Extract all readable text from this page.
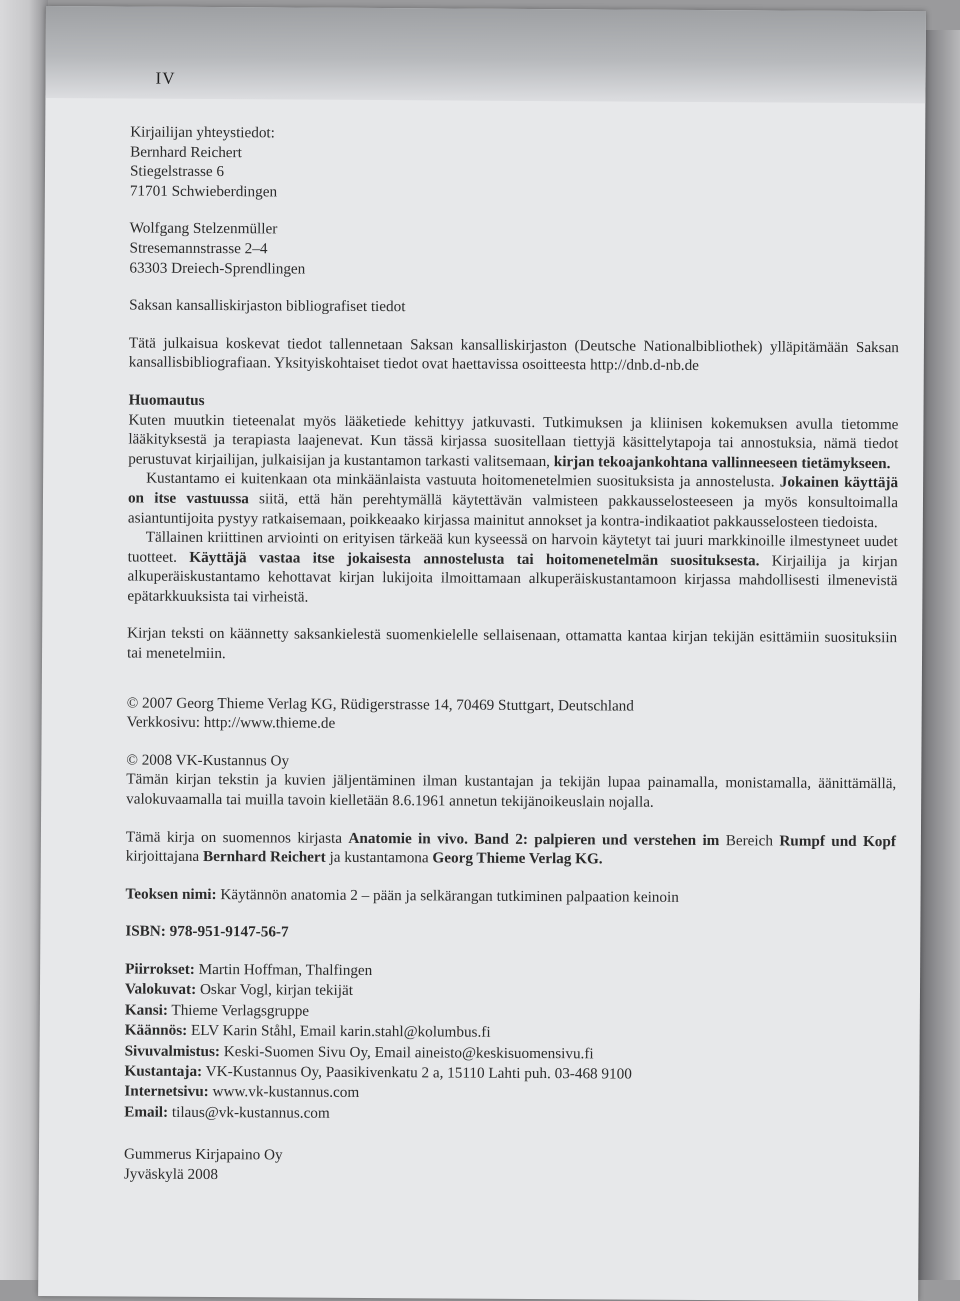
IV
Kirjailijan yhteystiedot:
Bernhard Reichert
Stiegelstrasse 6
71701 Schwieberdingen
Wolfgang Stelzenmüller
Stresemannstrasse 2–4
63303 Dreiech-Sprendlingen
Saksan kansalliskirjaston bibliografiset tiedot
Tätä julkaisua koskevat tiedot tallennetaan Saksan kansalliskirjaston (Deutsche Nationalbibliothek) ylläpitämään Saksan kansallisbibliografiaan. Yksityiskohtaiset tiedot ovat haettavissa osoitteesta http://dnb.d-nb.de
Huomautus
Kuten muutkin tieteenalat myös lääketiede kehittyy jatkuvasti. Tutkimuksen ja kliinisen kokemuksen avulla tietomme lääkityksestä ja terapiasta laajenevat. Kun tässä kirjassa suositellaan tiettyjä käsittelytapoja tai annostuksia, nämä tiedot perustuvat kirjailijan, julkaisijan ja kustantamon tarkasti valitsemaan, kirjan tekoajankohtana vallinneeseen tietämykseen.
Kustantamo ei kuitenkaan ota minkäänlaista vastuuta hoitomenetelmien suosituksista ja annostelusta. Jokainen käyttäjä on itse vastuussa siitä, että hän perehtymällä käytettävän valmisteen pakkausselosteeseen ja myös konsultoimalla asiantuntijoita pystyy ratkaisemaan, poikkeaako kirjassa mainitut annokset ja kontra-indikaatiot pakkausselosteen tiedoista.
Tällainen kriittinen arviointi on erityisen tärkeää kun kyseessä on harvoin käytetyt tai juuri markkinoille ilmestyneet uudet tuotteet. Käyttäjä vastaa itse jokaisesta annostelusta tai hoitomenetelmän suosituksesta. Kirjailija ja kirjan alkuperäiskustantamo kehottavat kirjan lukijoita ilmoittamaan alkuperäiskustantamoon kirjassa mahdollisesti ilmenevistä epätarkkuuksista tai virheistä.
Kirjan teksti on käännetty saksankielestä suomenkielelle sellaisenaan, ottamatta kantaa kirjan tekijän esittämiin suosituksiin tai menetelmiin.
© 2007 Georg Thieme Verlag KG, Rüdigerstrasse 14, 70469 Stuttgart, Deutschland
Verkkosivu: http://www.thieme.de
© 2008 VK-Kustannus Oy
Tämän kirjan tekstin ja kuvien jäljentäminen ilman kustantajan ja tekijän lupaa painamalla, monistamalla, äänittämällä, valokuvaamalla tai muilla tavoin kielletään 8.6.1961 annetun tekijänoikeuslain nojalla.
Tämä kirja on suomennos kirjasta Anatomie in vivo. Band 2: palpieren und verstehen im Bereich Rumpf und Kopf kirjoittajana Bernhard Reichert ja kustantamona Georg Thieme Verlag KG.
Teoksen nimi: Käytännön anatomia 2 – pään ja selkärangan tutkiminen palpaation keinoin
ISBN: 978-951-9147-56-7
Piirrokset: Martin Hoffman, Thalfingen
Valokuvat: Oskar Vogl, kirjan tekijät
Kansi: Thieme Verlagsgruppe
Käännös: ELV Karin Ståhl, Email karin.stahl@kolumbus.fi
Sivuvalmistus: Keski-Suomen Sivu Oy, Email aineisto@keskisuomensivu.fi
Kustantaja: VK-Kustannus Oy, Paasikivenkatu 2 a, 15110 Lahti puh. 03-468 9100
Internetsivu: www.vk-kustannus.com
Email: tilaus@vk-kustannus.com
Gummerus Kirjapaino Oy
Jyväskylä 2008
